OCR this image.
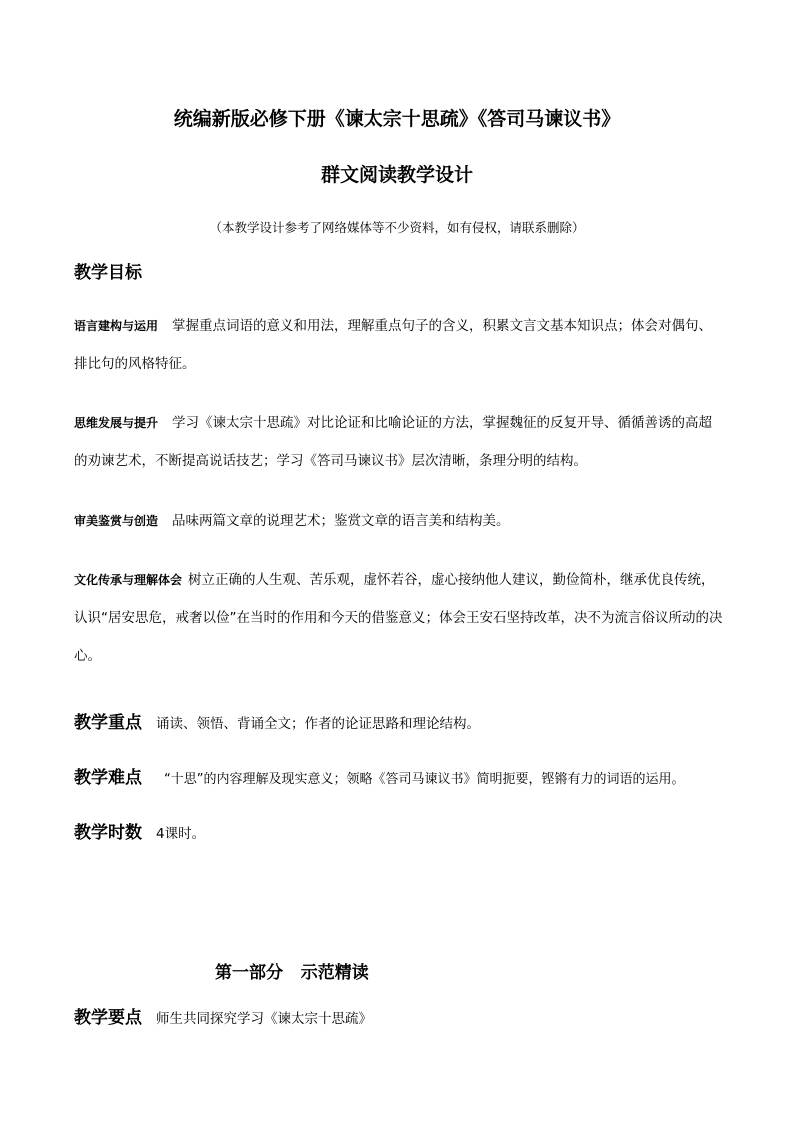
统编新版必修下册《谏太宗十思疏》《答司马谏议书》
群文阅读教学设计
（本教学设计参考了网络媒体等不少资料，如有侵权，请联系删除）
教学目标
语言建构与运用 掌握重点词语的意义和用法，理解重点句子的含义，积累文言文基本知识点；体会对偶句、排比句的风格特征。
思维发展与提升 学习《谏太宗十思疏》对比论证和比喻论证的方法，掌握魏征的反复开导、循循善诱的高超的劝谏艺术，不断提高说话技艺；学习《答司马谏议书》层次清晰，条理分明的结构。
审美鉴赏与创造 品味两篇文章的说理艺术；鉴赏文章的语言美和结构美。
文化传承与理解体会 树立正确的人生观、苦乐观，虚怀若谷，虚心接纳他人建议，勤俭简朴，继承优良传统，认识“居安思危，戒奢以俭”在当时的作用和今天的借鉴意义；体会王安石坚持改革，决不为流言俗议所动的决心。
教学重点 诵读、领悟、背诵全文；作者的论证思路和理论结构。
教学难点 “十思”的内容理解及现实意义；领略《答司马谏议书》简明扼要，铿锵有力的词语的运用。
教学时数 4课时。
第一部分   示范精读
教学要点 师生共同探究学习《谏太宗十思疏》
